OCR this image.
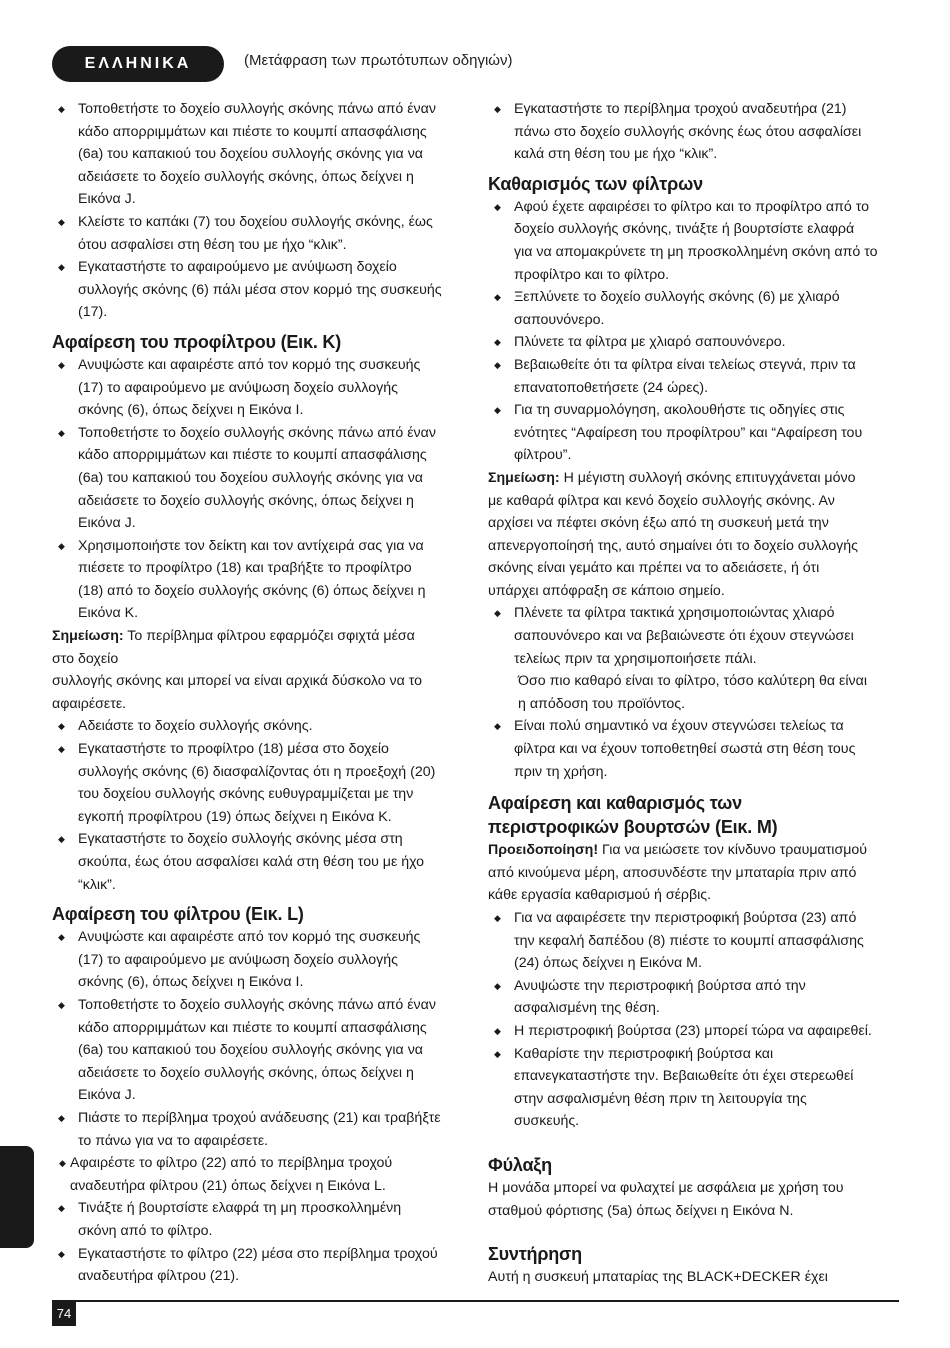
ΕΛΛΗΝΙΚΑ	(Μετάφραση των πρωτότυπων οδηγιών)
◆ Τοποθετήστε το δοχείο συλλογής σκόνης πάνω από έναν
κάδο απορριμμάτων και πιέστε το κουμπί απασφάλισης
(6a) του καπακιού του δοχείου συλλογής σκόνης για να
αδειάσετε το δοχείο συλλογής σκόνης, όπως δείχνει η
Εικόνα J.
◆ Κλείστε το καπάκι (7) του δοχείου συλλογής σκόνης, έως
ότου ασφαλίσει στη θέση του με ήχο “κλικ”.
◆ Εγκαταστήστε το αφαιρούμενο με ανύψωση δοχείο
συλλογής σκόνης (6) πάλι μέσα στον κορμό της συσκευής
(17).
Αφαίρεση του προφίλτρου (Εικ. K)
◆ Ανυψώστε και αφαιρέστε από τον κορμό της συσκευής
(17) το αφαιρούμενο με ανύψωση δοχείο συλλογής
σκόνης (6), όπως δείχνει η Εικόνα I.
◆ Τοποθετήστε το δοχείο συλλογής σκόνης πάνω από έναν
κάδο απορριμμάτων και πιέστε το κουμπί απασφάλισης
(6a) του καπακιού του δοχείου συλλογής σκόνης για να
αδειάσετε το δοχείο συλλογής σκόνης, όπως δείχνει η
Εικόνα J.
◆ Χρησιμοποιήστε τον δείκτη και τον αντίχειρά σας για να
πιέσετε το προφίλτρο (18) και τραβήξτε το προφίλτρο
(18) από το δοχείο συλλογής σκόνης (6) όπως δείχνει η
Εικόνα K.
Σημείωση: Το περίβλημα φίλτρου εφαρμόζει σφιχτά μέσα
στο δοχείο
συλλογής σκόνης και μπορεί να είναι αρχικά δύσκολο να το
αφαιρέσετε.
◆ Αδειάστε το δοχείο συλλογής σκόνης.
◆ Εγκαταστήστε το προφίλτρο (18) μέσα στο δοχείο
συλλογής σκόνης (6) διασφαλίζοντας ότι η προεξοχή (20)
του δοχείου συλλογής σκόνης ευθυγραμμίζεται με την
εγκοπή προφίλτρου (19) όπως δείχνει η Εικόνα K.
◆ Εγκαταστήστε το δοχείο συλλογής σκόνης μέσα στη
σκούπα, έως ότου ασφαλίσει καλά στη θέση του με ήχο
“κλικ”.
Αφαίρεση του φίλτρου (Εικ. L)
◆ Ανυψώστε και αφαιρέστε από τον κορμό της συσκευής
(17) το αφαιρούμενο με ανύψωση δοχείο συλλογής
σκόνης (6), όπως δείχνει η Εικόνα I.
◆ Τοποθετήστε το δοχείο συλλογής σκόνης πάνω από έναν
κάδο απορριμμάτων και πιέστε το κουμπί απασφάλισης
(6a) του καπακιού του δοχείου συλλογής σκόνης για να
αδειάσετε το δοχείο συλλογής σκόνης, όπως δείχνει η
Εικόνα J.
◆ Πιάστε το περίβλημα τροχού ανάδευσης (21) και τραβήξτε
το πάνω για να το αφαιρέσετε.
◆ Αφαιρέστε το φίλτρο (22) από το περίβλημα τροχού
αναδευτήρα φίλτρου (21) όπως δείχνει η Εικόνα L.
◆ Τινάξτε ή βουρτσίστε ελαφρά τη μη προσκολλημένη
σκόνη από το φίλτρο.
◆ Εγκαταστήστε το φίλτρο (22) μέσα στο περίβλημα τροχού
αναδευτήρα φίλτρου (21).
◆ Εγκαταστήστε το περίβλημα τροχού αναδευτήρα (21)
πάνω στο δοχείο συλλογής σκόνης έως ότου ασφαλίσει
καλά στη θέση του με ήχο “κλικ”.
Καθαρισμός των φίλτρων
◆ Αφού έχετε αφαιρέσει το φίλτρο και το προφίλτρο από το
δοχείο συλλογής σκόνης, τινάξτε ή βουρτσίστε ελαφρά
για να απομακρύνετε τη μη προσκολλημένη σκόνη από το
προφίλτρο και το φίλτρο.
◆ Ξεπλύνετε το δοχείο συλλογής σκόνης (6) με χλιαρό
σαπουνόνερο.
◆ Πλύνετε τα φίλτρα με χλιαρό σαπουνόνερο.
◆ Βεβαιωθείτε ότι τα φίλτρα είναι τελείως στεγνά, πριν τα
επανατοποθετήσετε (24 ώρες).
◆ Για τη συναρμολόγηση, ακολουθήστε τις οδηγίες στις
ενότητες “Αφαίρεση του προφίλτρου” και “Αφαίρεση του
φίλτρου”.
Σημείωση: Η μέγιστη συλλογή σκόνης επιτυγχάνεται μόνο
με καθαρά φίλτρα και κενό δοχείο συλλογής σκόνης. Αν
αρχίσει να πέφτει σκόνη έξω από τη συσκευή μετά την
απενεργοποίησή της, αυτό σημαίνει ότι το δοχείο συλλογής
σκόνης είναι γεμάτο και πρέπει να το αδειάσετε, ή ότι
υπάρχει απόφραξη σε κάποιο σημείο.
◆ Πλένετε τα φίλτρα τακτικά χρησιμοποιώντας χλιαρό
σαπουνόνερο και να βεβαιώνεστε ότι έχουν στεγνώσει
τελείως πριν τα χρησιμοποιήσετε πάλι.
Όσο πιο καθαρό είναι το φίλτρο, τόσο καλύτερη θα είναι
η απόδοση του προϊόντος.
◆ Είναι πολύ σημαντικό να έχουν στεγνώσει τελείως τα
φίλτρα και να έχουν τοποθετηθεί σωστά στη θέση τους
πριν τη χρήση.
Αφαίρεση και καθαρισμός των
περιστροφικών βουρτσών (Εικ. M)
Προειδοποίηση! Για να μειώσετε τον κίνδυνο τραυματισμού
από κινούμενα μέρη, αποσυνδέστε την μπαταρία πριν από
κάθε εργασία καθαρισμού ή σέρβις.
◆ Για να αφαιρέσετε την περιστροφική βούρτσα (23) από
την κεφαλή δαπέδου (8) πιέστε το κουμπί απασφάλισης
(24) όπως δείχνει η Εικόνα M.
◆ Ανυψώστε την περιστροφική βούρτσα από την
ασφαλισμένη της θέση.
◆ Η περιστροφική βούρτσα (23) μπορεί τώρα να αφαιρεθεί.
◆ Καθαρίστε την περιστροφική βούρτσα και
επανεγκαταστήστε την. Βεβαιωθείτε ότι έχει στερεωθεί
στην ασφαλισμένη θέση πριν τη λειτουργία της
συσκευής.
Φύλαξη
Η μονάδα μπορεί να φυλαχτεί με ασφάλεια με χρήση του
σταθμού φόρτισης (5a) όπως δείχνει η Εικόνα N.
Συντήρηση
Αυτή η συσκευή μπαταρίας της BLACK+DECKER έχει
74
